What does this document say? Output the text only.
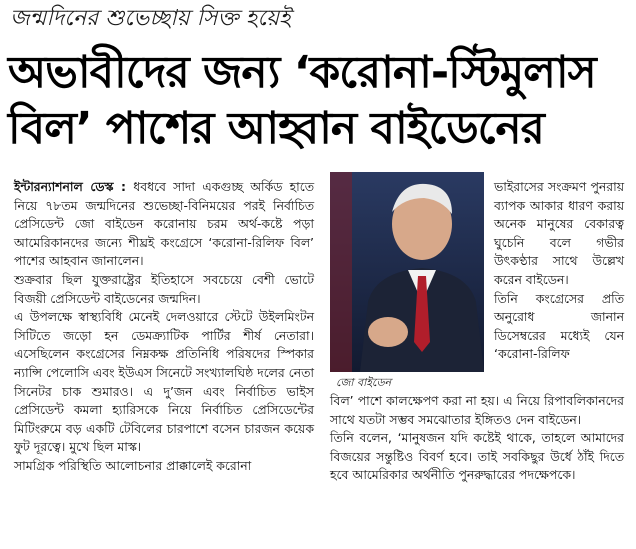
জন্মদিনের শুভেচ্ছায় সিক্ত হয়েই
অভাবীদের জন্য ‘করোনা-স্টিমুলাস
বিল’ পাশের আহ্বান বাইডেনের

ইন্টারন্যাশনাল ডেস্ক : ধবধবে সাদা একগুচ্ছ অর্কিড হাতে নিয়ে ৭৮তম জন্মদিনের শুভেচ্ছা-বিনিময়ের পরই নির্বাচিত প্রেসিডেন্ট জো বাইডেন করোনায় চরম অর্থ-কষ্টে পড়া আমেরিকানদের জন্যে শীঘ্রই কংগ্রেসে ‘করোনা-রিলিফ বিল’ পাশের আহবান জানালেন।

শুক্রবার ছিল যুক্তরাষ্ট্রের ইতিহাসে সবচেয়ে বেশী ভোটে বিজয়ী প্রেসিডেন্ট বাইডেনের জন্মদিন।

এ উপলক্ষে স্বাস্থ্যবিধি মেনেই দেলওয়ারে স্টেটে উইলমিংটন সিটিতে জড়ো হন ডেমক্র্যাটিক পার্টির শীর্ষ নেতারা। এসেছিলেন কংগ্রেসের নিম্নকক্ষ প্রতিনিধি পরিষদের স্পিকার ন্যান্সি পেলোসি এবং ইউএস সিনেটে সংখ্যালঘিষ্ঠ দলের নেতা সিনেটর চাক শুমারও। এ দু’জন এবং নির্বাচিত ভাইস প্রেসিডেন্ট কমলা হ্যারিসকে নিয়ে নির্বাচিত প্রেসিডেন্টের মিটিংরুমে বড় একটি টেবিলের চারপাশে বসেন চারজন কয়েক ফুট দূরত্বে। মুখে ছিল মাস্ক।

সামগ্রিক পরিস্থিতি আলোচনার প্রাক্কালেই করোনা

জো বাইডেন

ভাইরাসের সংক্রমণ পুনরায় ব্যাপক আকার ধারণ করায় অনেক মানুষের বেকারত্ব ঘুচেনি বলে গভীর উৎকণ্ঠার সাথে উল্লেখ করেন বাইডেন।

তিনি কংগ্রেসের প্রতি অনুরোধ জানান ডিসেম্বরের মধ্যেই যেন ‘করোনা-রিলিফ

বিল’ পাশে কালক্ষেপণ করা না হয়। এ নিয়ে রিপাবলিকানদের সাথে যতটা সম্ভব সমঝোতার ইঙ্গিতও দেন বাইডেন।

তিনি বলেন, ‘মানুষজন যদি কষ্টেই থাকে, তাহলে আমাদের বিজয়ের সন্তুষ্টিও বিবর্ণ হবে। তাই সবকিছুর উর্ধে ঠাঁই দিতে হবে আমেরিকার অর্থনীতি পুনরুদ্ধারের পদক্ষেপকে।
